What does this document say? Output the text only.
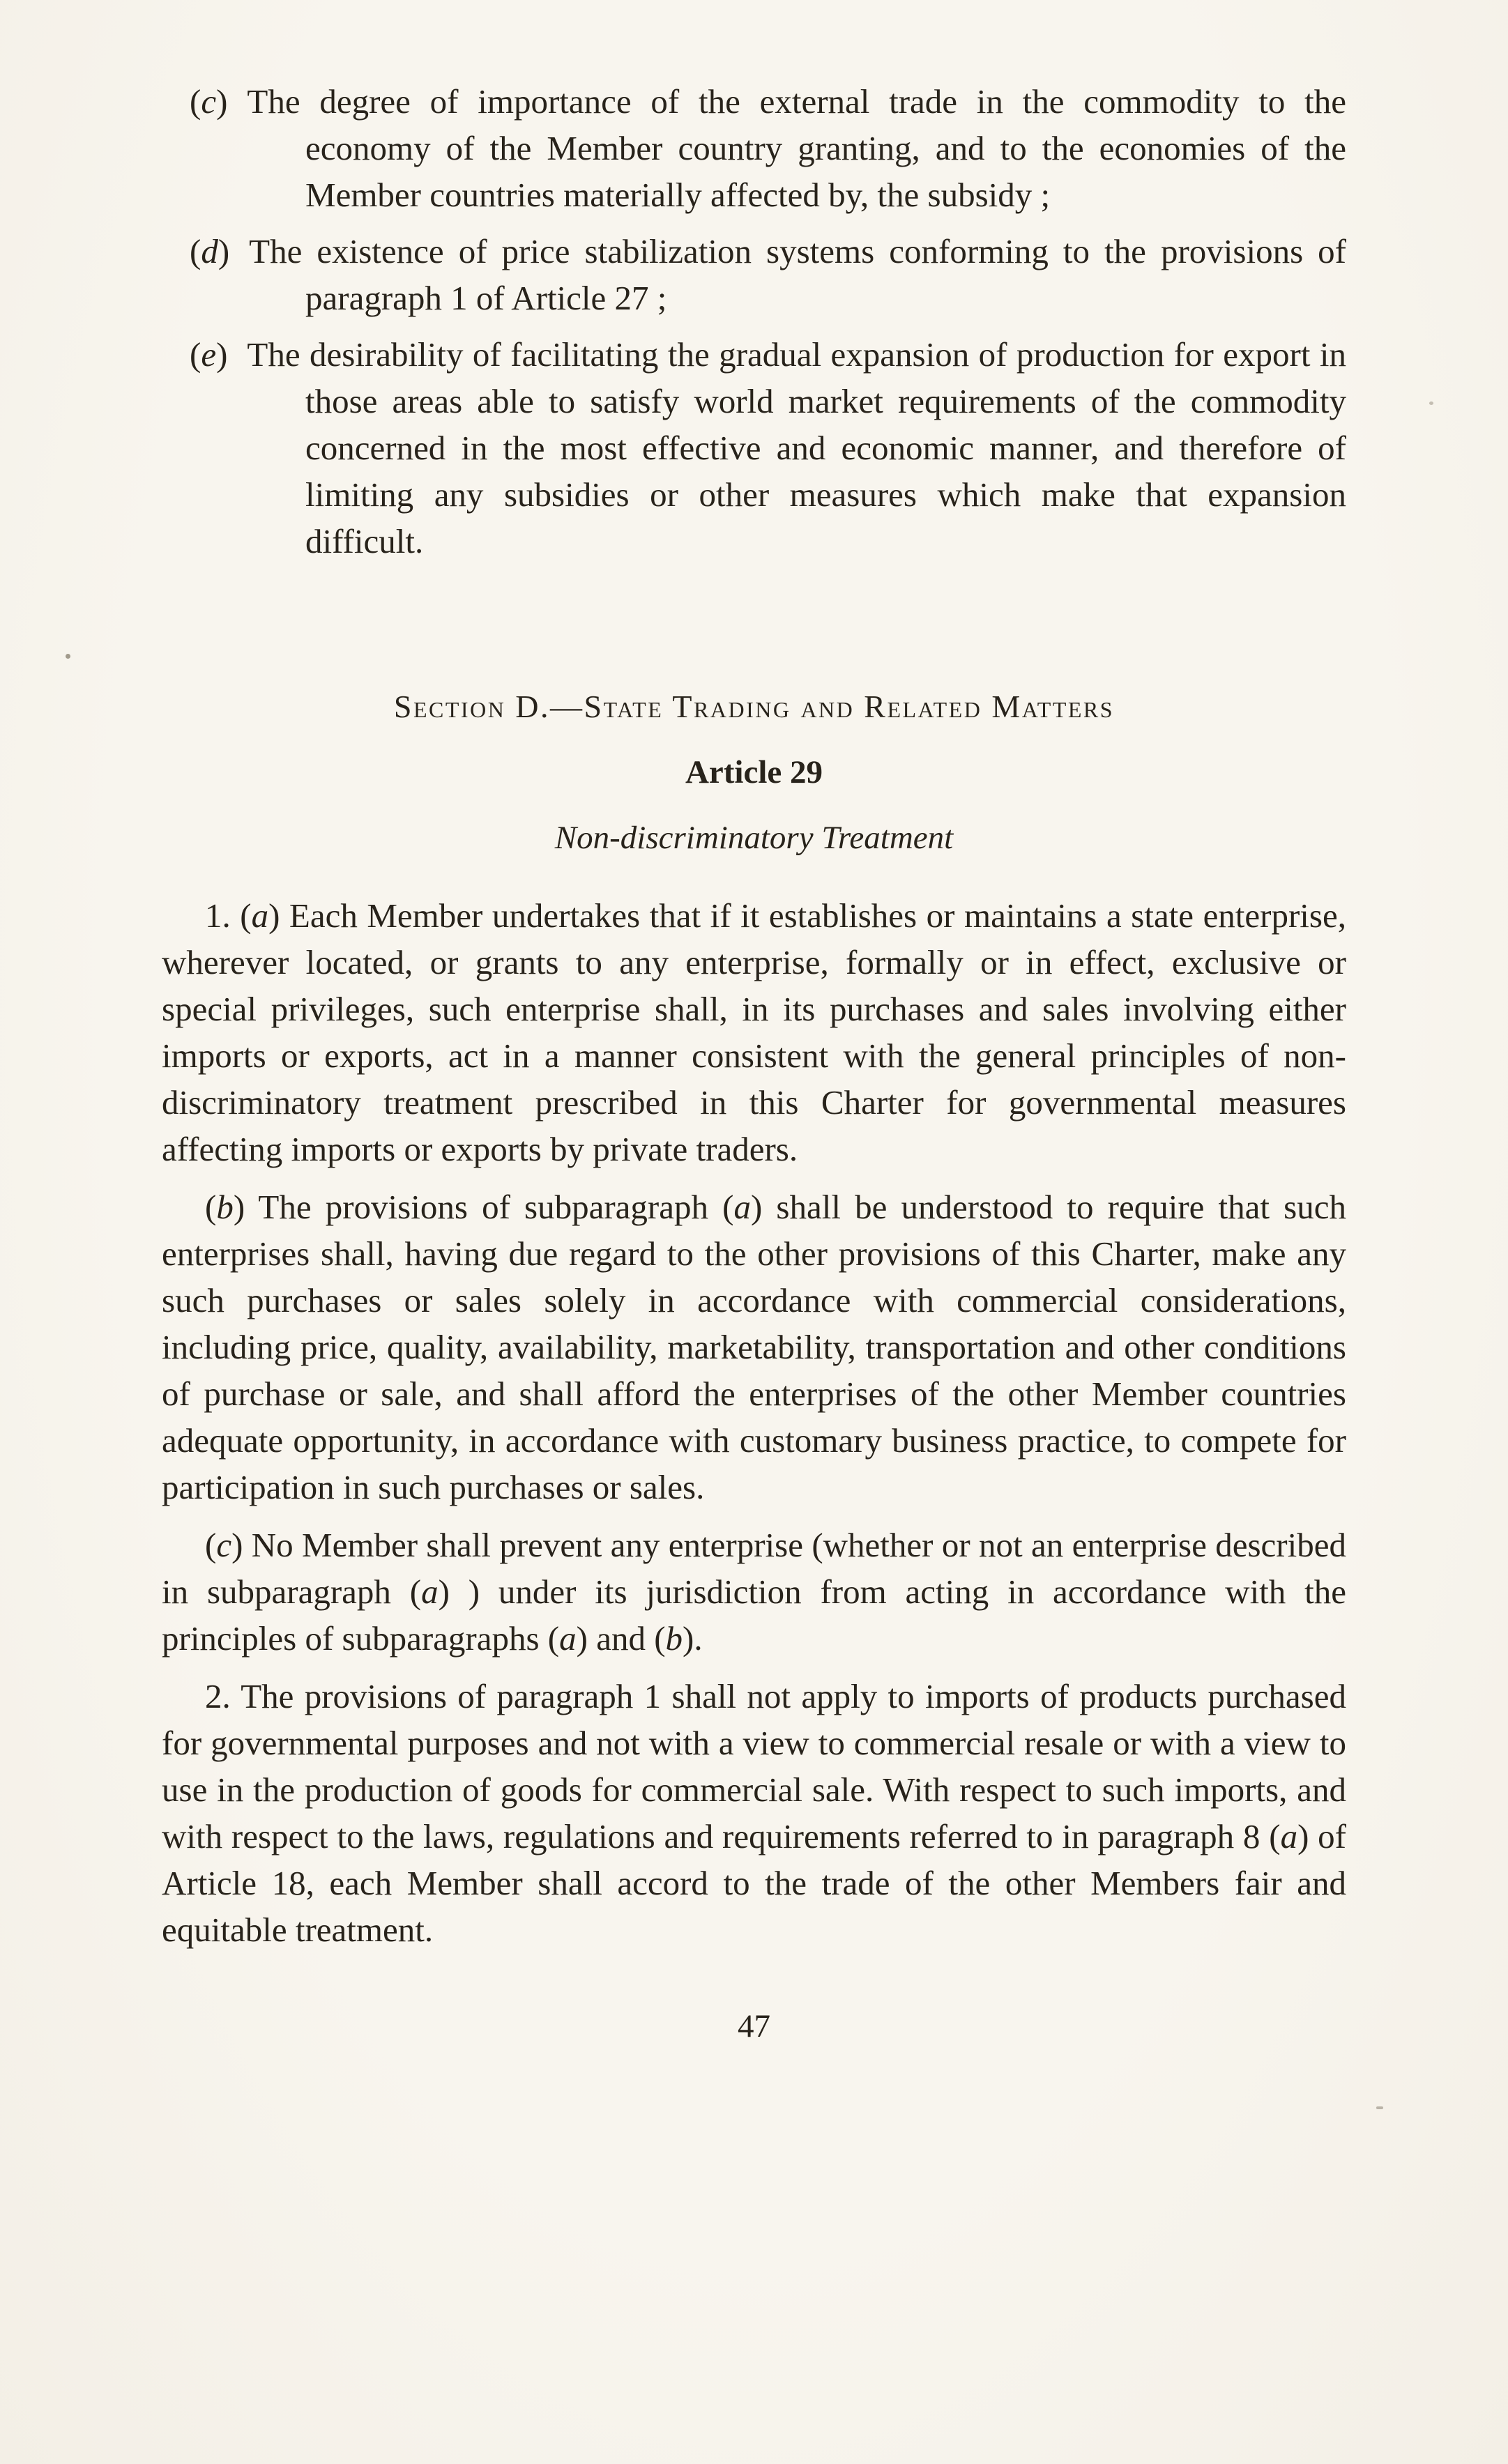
(c) The degree of importance of the external trade in the commodity to the economy of the Member country granting, and to the economies of the Member countries materially affected by, the subsidy ;
(d) The existence of price stabilization systems conforming to the provisions of paragraph 1 of Article 27 ;
(e) The desirability of facilitating the gradual expansion of production for export in those areas able to satisfy world market requirements of the commodity concerned in the most effective and economic manner, and therefore of limiting any subsidies or other measures which make that expansion difficult.
Section D.—State Trading and Related Matters
Article 29
Non-discriminatory Treatment

1. (a) Each Member undertakes that if it establishes or maintains a state enterprise, wherever located, or grants to any enterprise, formally or in effect, exclusive or special privileges, such enterprise shall, in its purchases and sales involving either imports or exports, act in a manner consistent with the general principles of non-discriminatory treatment prescribed in this Charter for governmental measures affecting imports or exports by private traders.

(b) The provisions of subparagraph (a) shall be understood to require that such enterprises shall, having due regard to the other provisions of this Charter, make any such purchases or sales solely in accordance with commercial considerations, including price, quality, availability, marketability, transportation and other conditions of purchase or sale, and shall afford the enterprises of the other Member countries adequate opportunity, in accordance with customary business practice, to compete for participation in such purchases or sales.

(c) No Member shall prevent any enterprise (whether or not an enterprise described in subparagraph (a) ) under its jurisdiction from acting in accordance with the principles of subparagraphs (a) and (b).

2. The provisions of paragraph 1 shall not apply to imports of products purchased for governmental purposes and not with a view to commercial resale or with a view to use in the production of goods for commercial sale. With respect to such imports, and with respect to the laws, regulations and requirements referred to in paragraph 8 (a) of Article 18, each Member shall accord to the trade of the other Members fair and equitable treatment.

47
